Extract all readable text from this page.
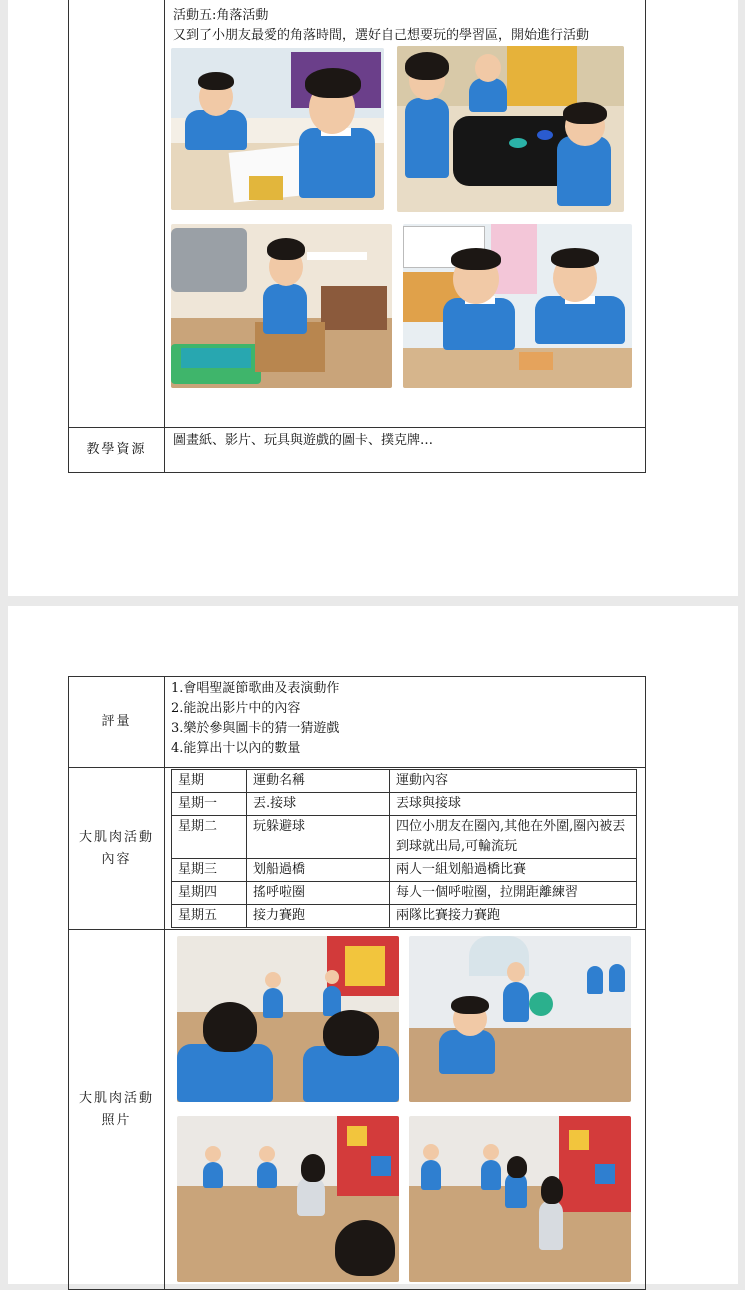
	活動五:角落活動
又到了小朋友最愛的角落時間，選好自己想要玩的學習區，開始進行活動

教學資源	圖畫紙、影片、玩具與遊戲的圖卡、撲克牌…
評量	
1.會唱聖誕節歌曲及表演動作
2.能說出影片中的內容
3.樂於參與圖卡的猜一猜遊戲
4.能算出十以內的數量

大肌肉活動內容

星期	運動名稱	運動內容
星期一	丟.接球	丟球與接球
星期二	玩躲避球	四位小朋友在圈內,其他在外圍,圈內被丟到球就出局,可輪流玩
星期三	划船過橋	兩人一組划船過橋比賽
星期四	搖呼啦圈	每人一個呼啦圈，拉開距離練習
星期五	接力賽跑	兩隊比賽接力賽跑

大肌肉活動照片
